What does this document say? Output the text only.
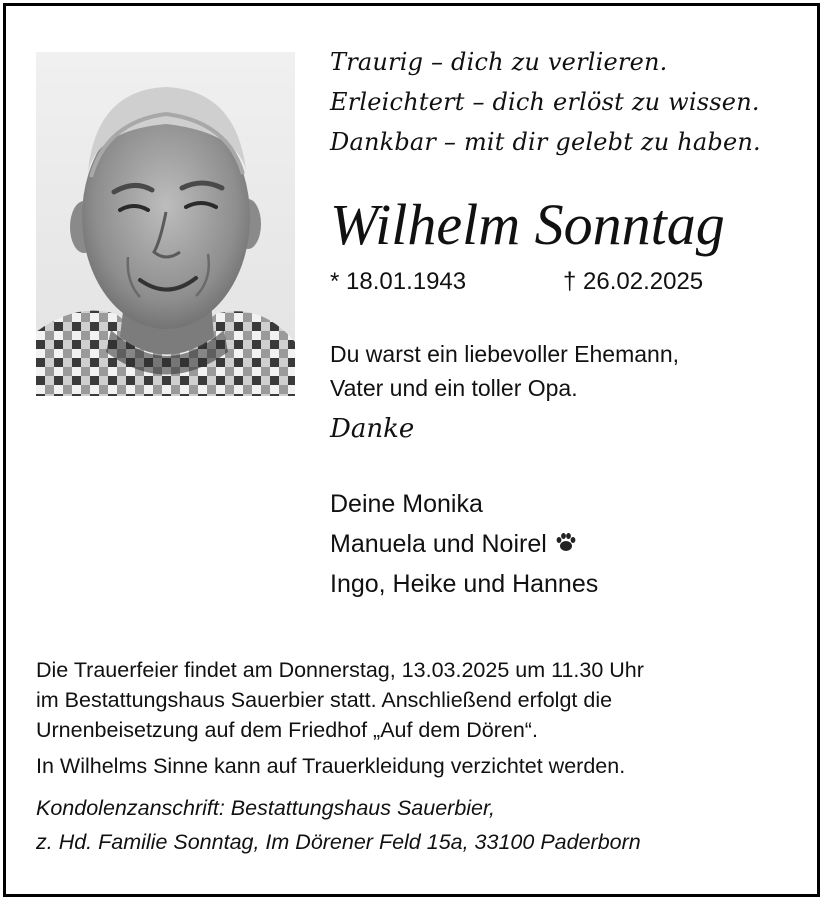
Traurig – dich zu verlieren.
Erleichtert – dich erlöst zu wissen.
Dankbar – mit dir gelebt zu haben.
Wilhelm Sonntag
* 18.01.1943	† 26.02.2025
Du warst ein liebevoller Ehemann,
Vater und ein toller Opa.
Danke
Deine Monika
Manuela und Noirel
Ingo, Heike und Hannes
Die Trauerfeier findet am Donnerstag, 13.03.2025 um 11.30 Uhr
im Bestattungshaus Sauerbier statt. Anschließend erfolgt die
Urnenbeisetzung auf dem Friedhof „Auf dem Dören“.
In Wilhelms Sinne kann auf Trauerkleidung verzichtet werden.
Kondolenzanschrift: Bestattungshaus Sauerbier,
z. Hd. Familie Sonntag, Im Dörener Feld 15a, 33100 Paderborn
